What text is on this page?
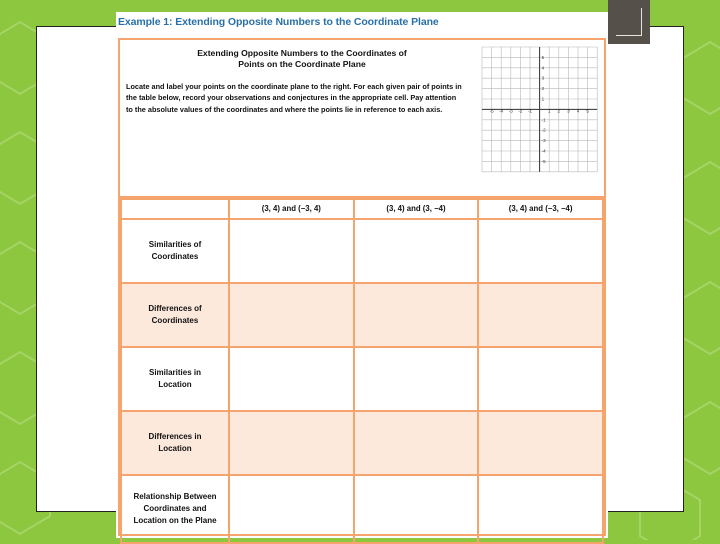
Example 1: Extending Opposite Numbers to the Coordinate Plane
Extending Opposite Numbers to the Coordinates of
Points on the Coordinate Plane
Locate and label your points on the coordinate plane to the right. For each given pair of points in the table below, record your observations and conjectures in the appropriate cell. Pay attention to the absolute values of the coordinates and where the points lie in reference to each axis.	-5 -4 -3 -2 -1	1 2 3 4 5
5
4
3
2
1
-1
-2
-3
-4
-5
	(3, 4) and (−3, 4)	(3, 4) and (3, −4)	(3, 4) and (−3, −4)

Similarities of
Coordinates			

Differences of
Coordinates			

Similarities in
Location			

Differences in
Location			

Relationship Between
Coordinates and
Location on the Plane			
